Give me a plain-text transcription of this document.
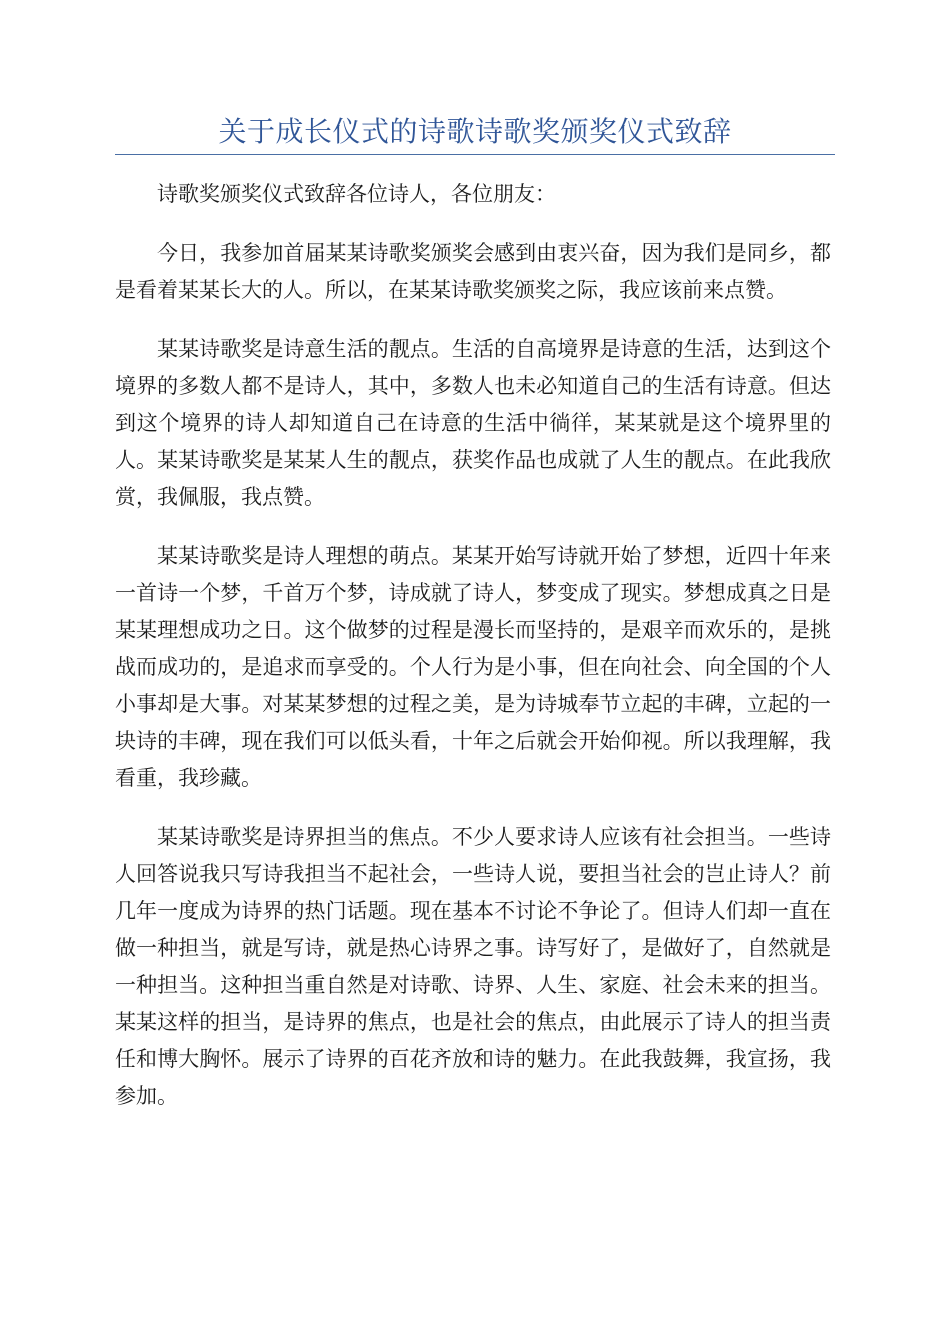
关于成长仪式的诗歌诗歌奖颁奖仪式致辞

诗歌奖颁奖仪式致辞各位诗人，各位朋友：

今日，我参加首届某某诗歌奖颁奖会感到由衷兴奋，因为我们是同乡，都是看着某某长大的人。所以，在某某诗歌奖颁奖之际，我应该前来点赞。

某某诗歌奖是诗意生活的靓点。生活的自高境界是诗意的生活，达到这个境界的多数人都不是诗人，其中，多数人也未必知道自己的生活有诗意。但达到这个境界的诗人却知道自己在诗意的生活中徜徉，某某就是这个境界里的人。某某诗歌奖是某某人生的靓点，获奖作品也成就了人生的靓点。在此我欣赏，我佩服，我点赞。

某某诗歌奖是诗人理想的萌点。某某开始写诗就开始了梦想，近四十年来一首诗一个梦，千首万个梦，诗成就了诗人，梦变成了现实。梦想成真之日是某某理想成功之日。这个做梦的过程是漫长而坚持的，是艰辛而欢乐的，是挑战而成功的，是追求而享受的。个人行为是小事，但在向社会、向全国的个人小事却是大事。对某某梦想的过程之美，是为诗城奉节立起的丰碑，立起的一块诗的丰碑，现在我们可以低头看，十年之后就会开始仰视。所以我理解，我看重，我珍藏。

某某诗歌奖是诗界担当的焦点。不少人要求诗人应该有社会担当。一些诗人回答说我只写诗我担当不起社会，一些诗人说，要担当社会的岂止诗人？前几年一度成为诗界的热门话题。现在基本不讨论不争论了。但诗人们却一直在做一种担当，就是写诗，就是热心诗界之事。诗写好了，是做好了，自然就是一种担当。这种担当重自然是对诗歌、诗界、人生、家庭、社会未来的担当。某某这样的担当，是诗界的焦点，也是社会的焦点，由此展示了诗人的担当责任和博大胸怀。展示了诗界的百花齐放和诗的魅力。在此我鼓舞，我宣扬，我参加。
